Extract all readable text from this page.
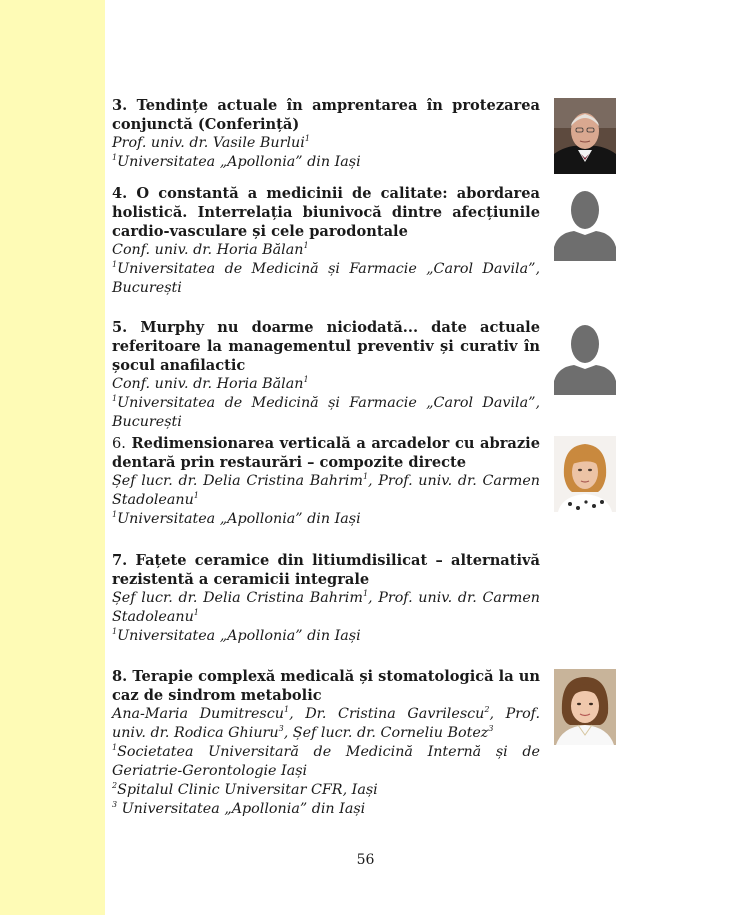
3. Tendințe actuale în amprentarea în protezarea conjunctă (Conferință)
Prof. univ. dr. Vasile Burlui$^1$
$^1$Universitatea „Apollonia” din Iași
4. O constantă a medicinii de calitate: abordarea holistică. Interrelația biunivocă dintre afecțiunile cardio-vasculare și cele parodontale
Conf. univ. dr. Horia Bălan$^1$
$^1$Universitatea de Medicină și Farmacie „Carol Davila”, București
5. Murphy nu doarme niciodată... date actuale referitoare la managementul preventiv și curativ în șocul anafilactic
Conf. univ. dr. Horia Bălan$^1$
$^1$Universitatea de Medicină și Farmacie „Carol Davila”, București
6. Redimensionarea verticală a arcadelor cu abrazie dentară prin restaurări – compozite directe
Șef lucr. dr. Delia Cristina Bahrim$^1$, Prof. univ. dr. Carmen Stadoleanu$^1$
$^1$Universitatea „Apollonia” din Iași
7. Fațete ceramice din litiumdisilicat – alternativă rezistentă a ceramicii integrale
Șef lucr. dr. Delia Cristina Bahrim$^1$, Prof. univ. dr. Carmen Stadoleanu$^1$
$^1$Universitatea „Apollonia” din Iași
8. Terapie complexă medicală și stomatologică la un caz de sindrom metabolic
Ana-Maria Dumitrescu$^1$, Dr. Cristina Gavrilescu$^2$, Prof. univ. dr. Rodica Ghiuru$^3$, Șef lucr. dr. Corneliu Botez$^3$
$^1$Societatea Universitară de Medicină Internă și de Geriatrie-Gerontologie Iași
$^2$Spitalul Clinic Universitar CFR, Iași
$^3$ Universitatea „Apollonia” din Iași
56
